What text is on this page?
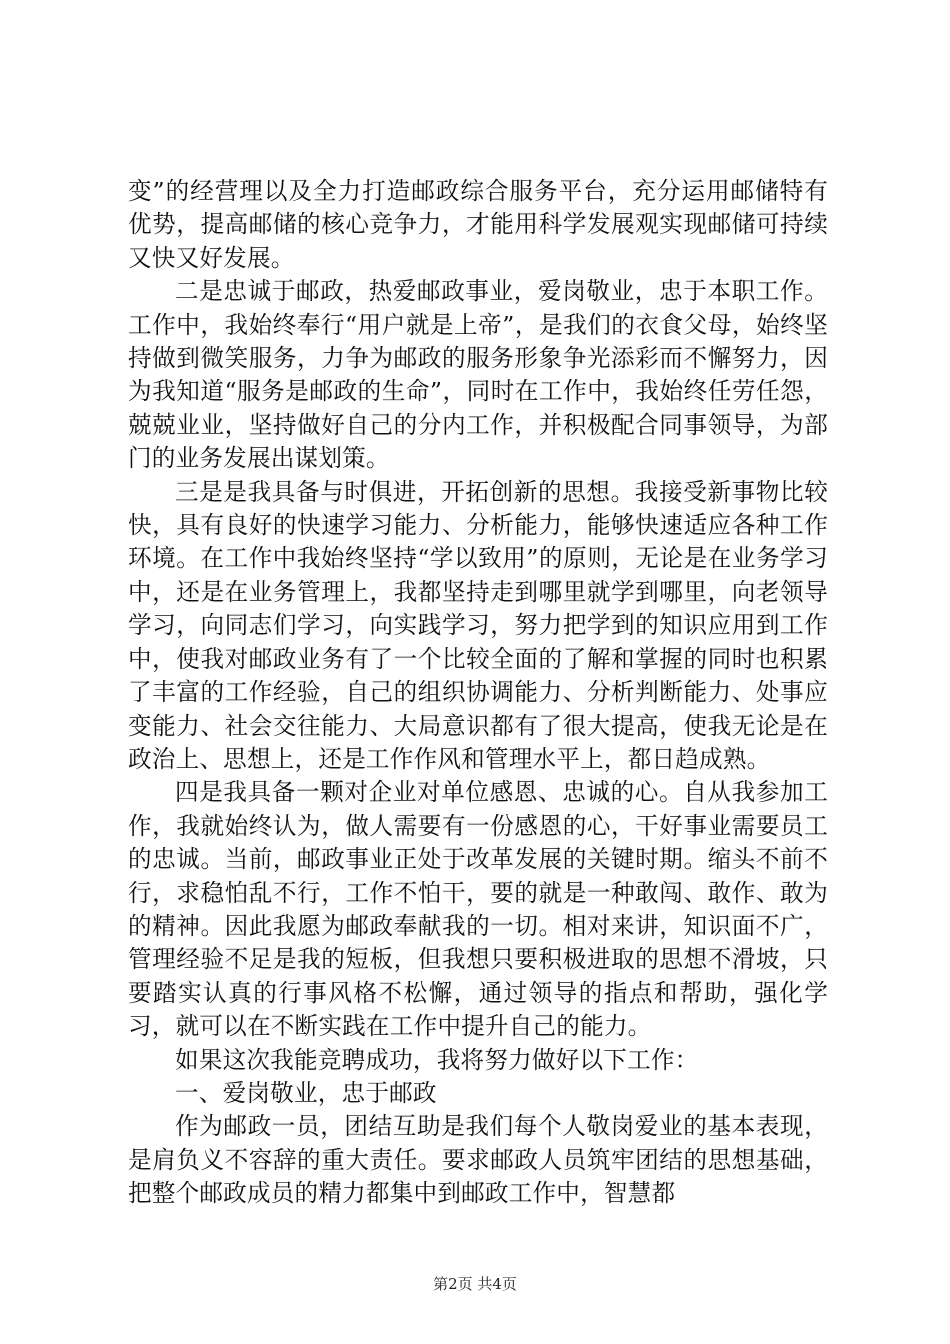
变”的经营理以及全力打造邮政综合服务平台，充分运用邮储特有优势，提高邮储的核心竞争力，才能用科学发展观实现邮储可持续又快又好发展。

二是忠诚于邮政，热爱邮政事业，爱岗敬业，忠于本职工作。工作中，我始终奉行“用户就是上帝”，是我们的衣食父母，始终坚持做到微笑服务，力争为邮政的服务形象争光添彩而不懈努力，因为我知道“服务是邮政的生命”，同时在工作中，我始终任劳任怨，兢兢业业，坚持做好自己的分内工作，并积极配合同事领导，为部门的业务发展出谋划策。

三是是我具备与时俱进，开拓创新的思想。我接受新事物比较快，具有良好的快速学习能力、分析能力，能够快速适应各种工作环境。在工作中我始终坚持“学以致用”的原则，无论是在业务学习中，还是在业务管理上，我都坚持走到哪里就学到哪里，向老领导学习，向同志们学习，向实践学习，努力把学到的知识应用到工作中，使我对邮政业务有了一个比较全面的了解和掌握的同时也积累了丰富的工作经验，自己的组织协调能力、分析判断能力、处事应变能力、社会交往能力、大局意识都有了很大提高，使我无论是在政治上、思想上，还是工作作风和管理水平上，都日趋成熟。

四是我具备一颗对企业对单位感恩、忠诚的心。自从我参加工作，我就始终认为，做人需要有一份感恩的心，干好事业需要员工的忠诚。当前，邮政事业正处于改革发展的关键时期。缩头不前不行，求稳怕乱不行，工作不怕干，要的就是一种敢闯、敢作、敢为的精神。因此我愿为邮政奉献我的一切。相对来讲，知识面不广，管理经验不足是我的短板，但我想只要积极进取的思想不滑坡，只要踏实认真的行事风格不松懈，通过领导的指点和帮助，强化学习，就可以在不断实践在工作中提升自己的能力。

如果这次我能竞聘成功，我将努力做好以下工作：

一、爱岗敬业，忠于邮政

作为邮政一员，团结互助是我们每个人敬岗爱业的基本表现，是肩负义不容辞的重大责任。要求邮政人员筑牢团结的思想基础，把整个邮政成员的精力都集中到邮政工作中，智慧都

第2页 共4页
